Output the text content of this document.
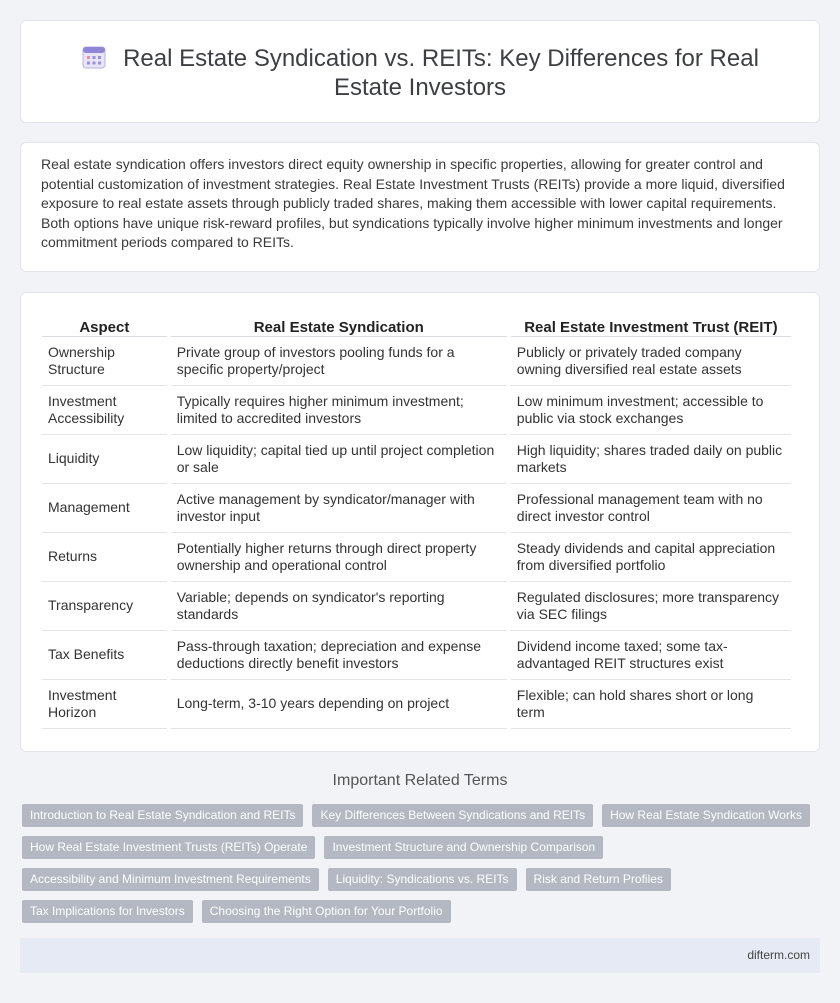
Real Estate Syndication vs. REITs: Key Differences for Real Estate Investors

Real estate syndication offers investors direct equity ownership in specific properties, allowing for greater control and potential customization of investment strategies. Real Estate Investment Trusts (REITs) provide a more liquid, diversified exposure to real estate assets through publicly traded shares, making them accessible with lower capital requirements. Both options have unique risk-reward profiles, but syndications typically involve higher minimum investments and longer commitment periods compared to REITs.

Aspect	Real Estate Syndication	Real Estate Investment Trust (REIT)
Ownership Structure	Private group of investors pooling funds for a specific property/project	Publicly or privately traded company owning diversified real estate assets
Investment Accessibility	Typically requires higher minimum investment; limited to accredited investors	Low minimum investment; accessible to public via stock exchanges
Liquidity	Low liquidity; capital tied up until project completion or sale	High liquidity; shares traded daily on public markets
Management	Active management by syndicator/manager with investor input	Professional management team with no direct investor control
Returns	Potentially higher returns through direct property ownership and operational control	Steady dividends and capital appreciation from diversified portfolio
Transparency	Variable; depends on syndicator's reporting standards	Regulated disclosures; more transparency via SEC filings
Tax Benefits	Pass-through taxation; depreciation and expense deductions directly benefit investors	Dividend income taxed; some tax-advantaged REIT structures exist
Investment Horizon	Long-term, 3-10 years depending on project	Flexible; can hold shares short or long term
Important Related Terms
Introduction to Real Estate Syndication and REITs	Key Differences Between Syndications and REITs	How Real Estate Syndication Works
How Real Estate Investment Trusts (REITs) Operate	Investment Structure and Ownership Comparison
Accessibility and Minimum Investment Requirements	Liquidity: Syndications vs. REITs	Risk and Return Profiles
Tax Implications for Investors	Choosing the Right Option for Your Portfolio
difterm.com
